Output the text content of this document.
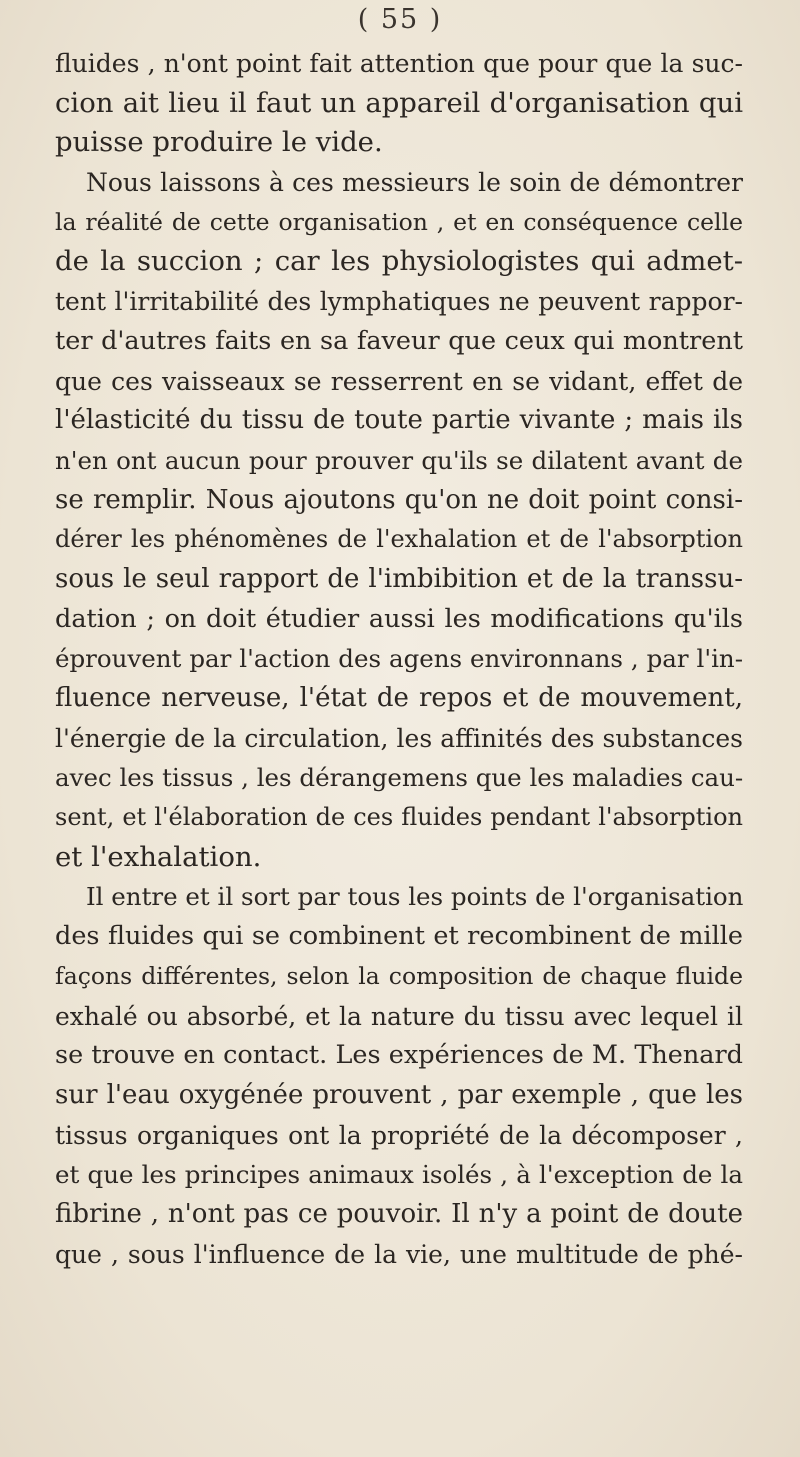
( 55 )
fluides , n'ont point fait attention que pour que la suc-
cion ait lieu il faut un appareil d'organisation qui
puisse produire le vide.
Nous laissons à ces messieurs le soin de démontrer
la réalité de cette organisation , et en conséquence celle
de la succion ; car les physiologistes qui admet-
tent l'irritabilité des lymphatiques ne peuvent rappor-
ter d'autres faits en sa faveur que ceux qui montrent
que ces vaisseaux se resserrent en se vidant, effet de
l'élasticité du tissu de toute partie vivante ; mais ils
n'en ont aucun pour prouver qu'ils se dilatent avant de
se remplir. Nous ajoutons qu'on ne doit point consi-
dérer les phénomènes de l'exhalation et de l'absorption
sous le seul rapport de l'imbibition et de la transsu-
dation ; on doit étudier aussi les modifications qu'ils
éprouvent par l'action des agens environnans , par l'in-
fluence nerveuse, l'état de repos et de mouvement,
l'énergie de la circulation, les affinités des substances
avec les tissus , les dérangemens que les maladies cau-
sent, et l'élaboration de ces fluides pendant l'absorption
et l'exhalation.
Il entre et il sort par tous les points de l'organisation
des fluides qui se combinent et recombinent de mille
façons différentes, selon la composition de chaque fluide
exhalé ou absorbé, et la nature du tissu avec lequel il
se trouve en contact. Les expériences de M. Thenard
sur l'eau oxygénée prouvent , par exemple , que les
tissus organiques ont la propriété de la décomposer ,
et que les principes animaux isolés , à l'exception de la
fibrine , n'ont pas ce pouvoir. Il n'y a point de doute
que , sous l'influence de la vie, une multitude de phé-
